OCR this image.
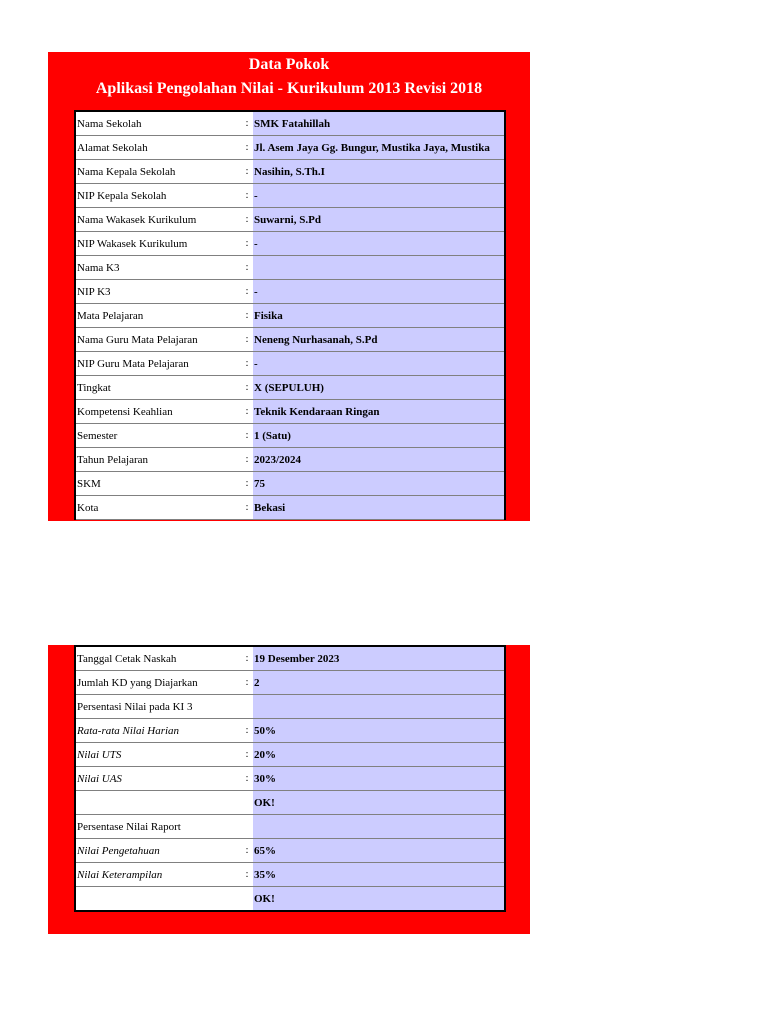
Data Pokok
Aplikasi Pengolahan Nilai - Kurikulum 2013 Revisi 2018
Nama Sekolah	:	SMK Fatahillah
Alamat Sekolah	:	Jl. Asem Jaya Gg. Bungur, Mustika Jaya, Mustika
Nama Kepala Sekolah	:	Nasihin, S.Th.I
NIP Kepala Sekolah	:	-
Nama Wakasek Kurikulum	:	Suwarni, S.Pd
NIP Wakasek Kurikulum	:	-
Nama K3	:	
NIP K3	:	-
Mata Pelajaran	:	Fisika
Nama Guru Mata Pelajaran	:	Neneng Nurhasanah, S.Pd
NIP Guru Mata Pelajaran	:	-
Tingkat	:	X (SEPULUH)
Kompetensi Keahlian	:	Teknik Kendaraan Ringan
Semester	:	1 (Satu)
Tahun Pelajaran	:	2023/2024
SKM	:	75
Kota	:	Bekasi
Tanggal Cetak Naskah	:	19 Desember 2023
Jumlah KD yang Diajarkan	:	2
Persentasi Nilai pada KI 3		
Rata-rata Nilai Harian	:	50%
Nilai UTS	:	20%
Nilai UAS	:	30%
		OK!
Persentase Nilai Raport		
Nilai Pengetahuan	:	65%
Nilai Keterampilan	:	35%
		OK!
